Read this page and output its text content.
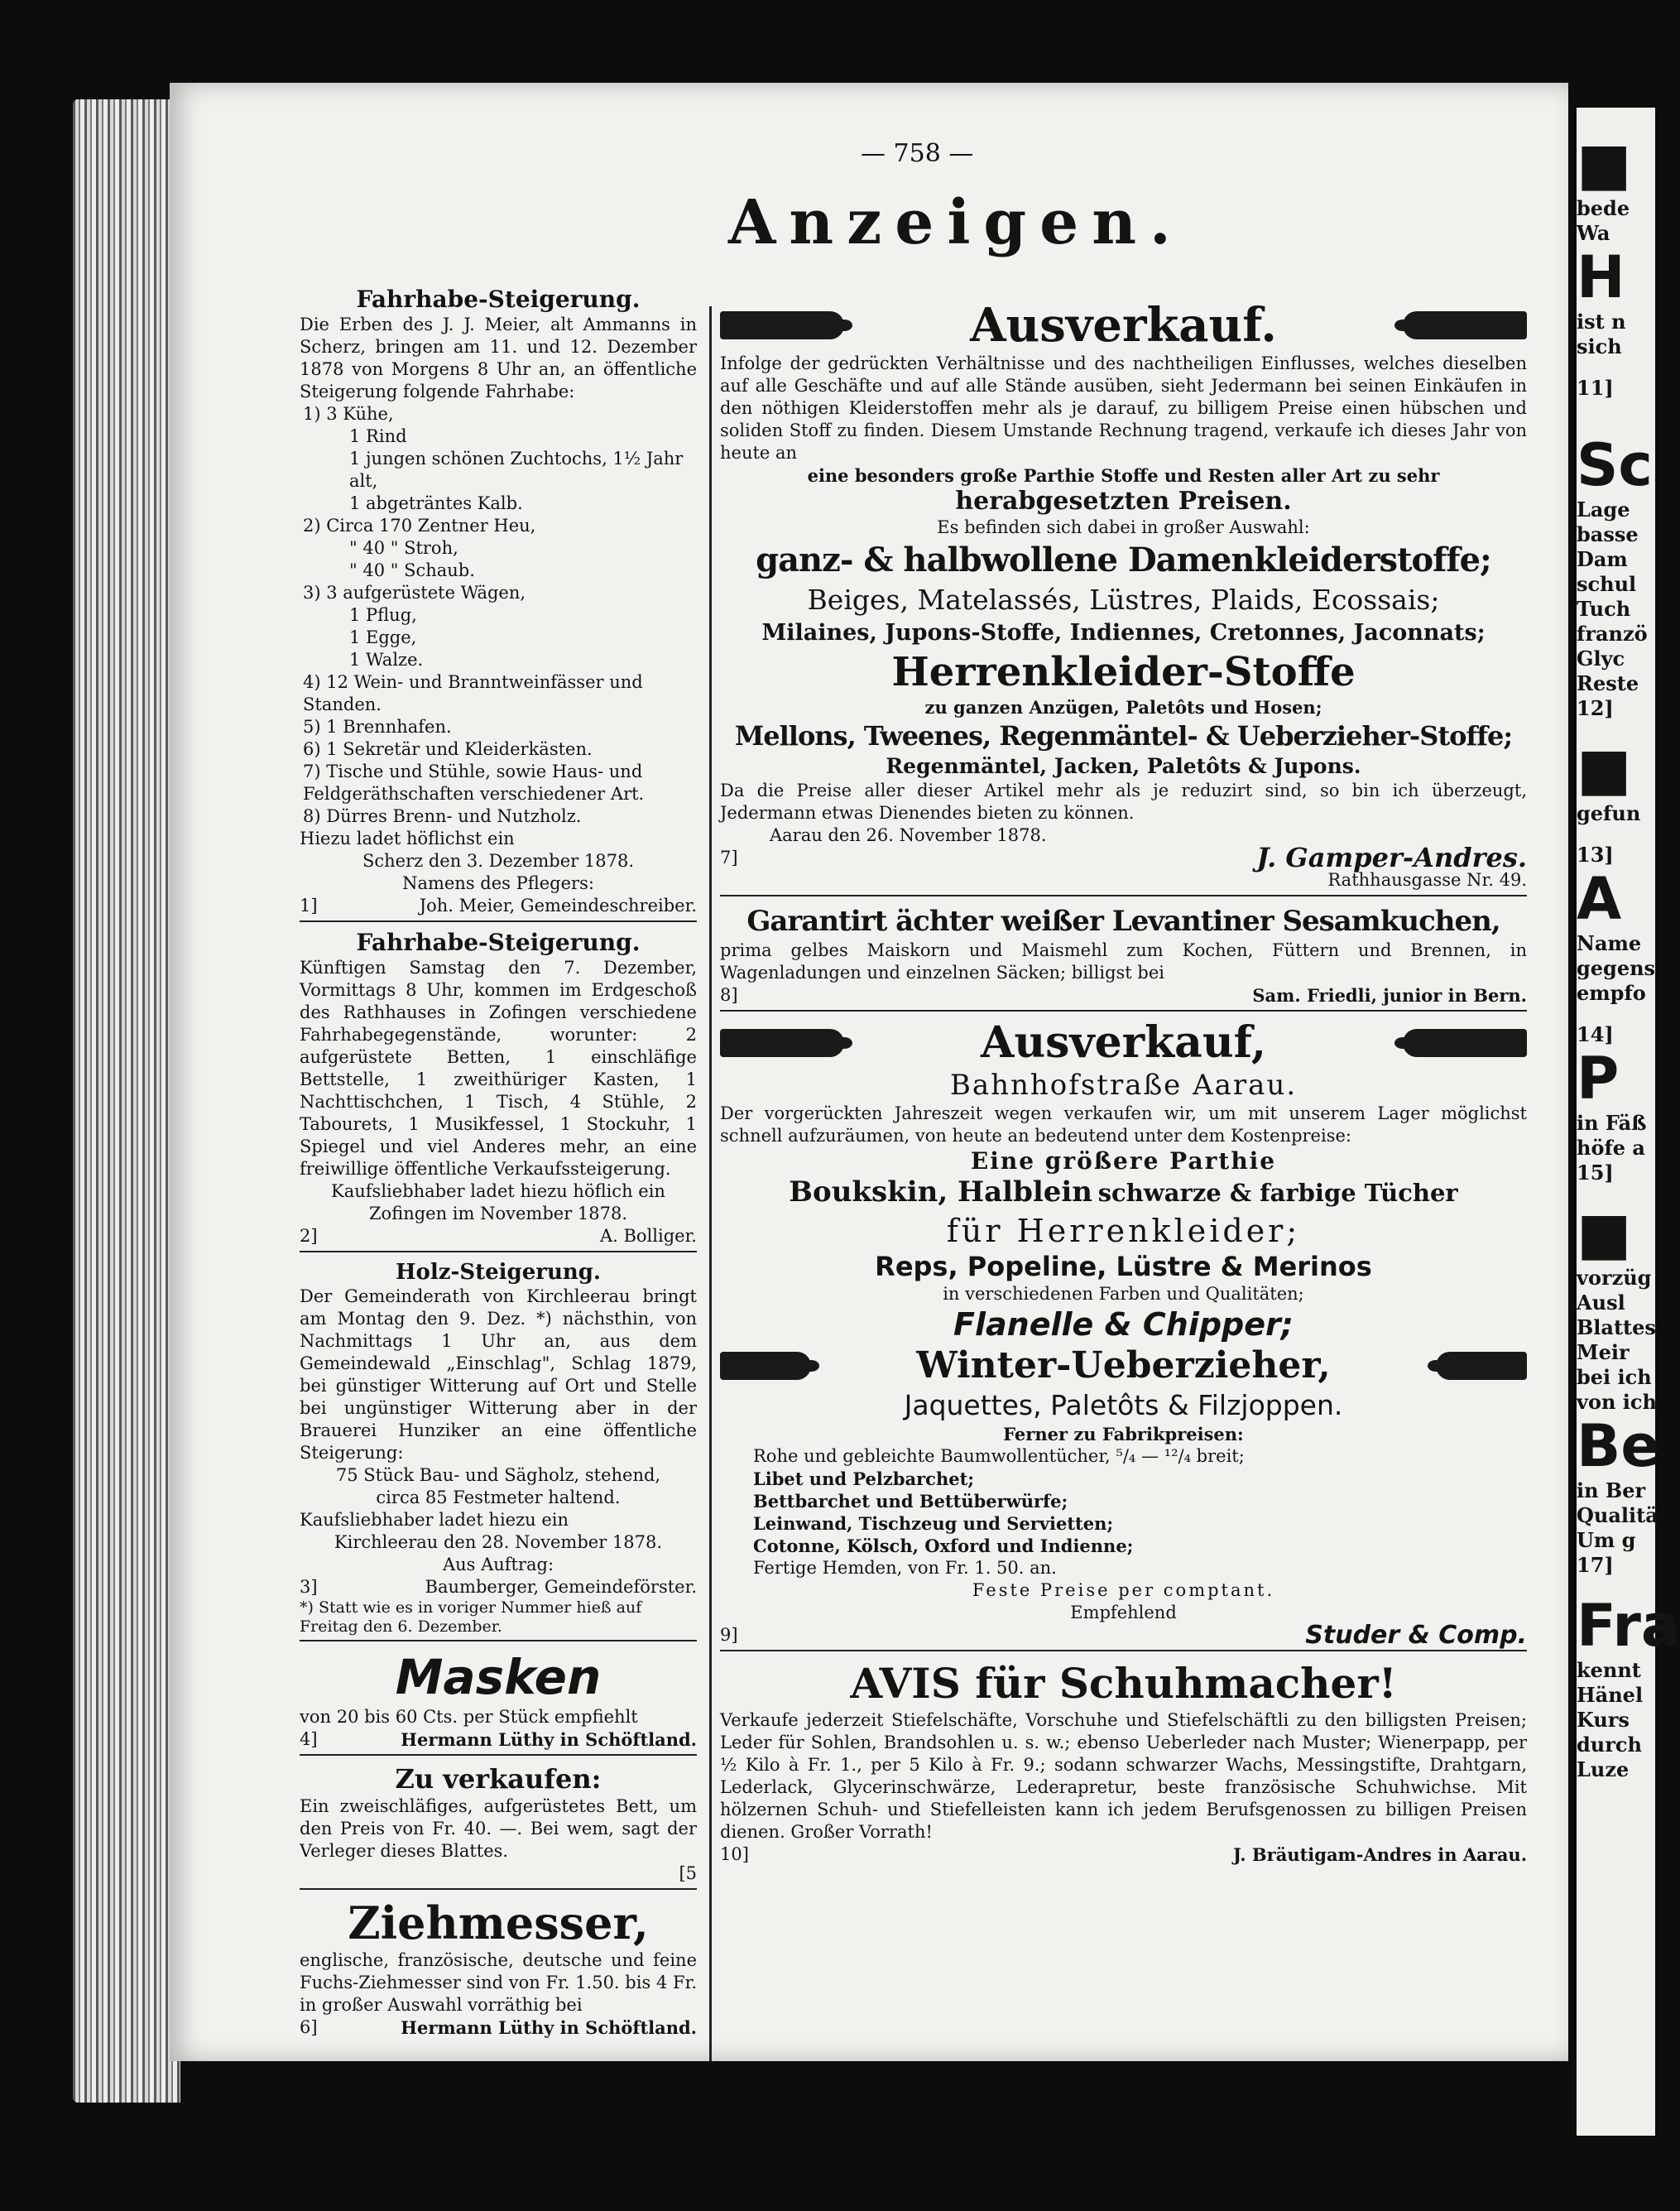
— 758 —
Anzeigen.
Fahrhabe-Steigerung.
Die Erben des J. J. Meier, alt Ammanns in Scherz, bringen am 11. und 12. Dezember 1878 von Morgens 8 Uhr an, an öffentliche Steigerung folgende Fahrhabe:
1) 3 Kühe,
1 Rind
1 jungen schönen Zuchtochs, 1½ Jahr alt,
1 abgeträntes Kalb.
2) Circa 170 Zentner Heu,
" 40 " Stroh,
" 40 " Schaub.
3) 3 aufgerüstete Wägen,
1 Pflug,
1 Egge,
1 Walze.
4) 12 Wein- und Branntweinfässer und Standen.
5) 1 Brennhafen.
6) 1 Sekretär und Kleiderkästen.
7) Tische und Stühle, sowie Haus- und Feldgeräthschaften verschiedener Art.
8) Dürres Brenn- und Nutzholz.
Hiezu ladet höflichst ein
Scherz den 3. Dezember 1878.
Namens des Pflegers:
1]	Joh. Meier, Gemeindeschreiber.
Fahrhabe-Steigerung.
Künftigen Samstag den 7. Dezember, Vormittags 8 Uhr, kommen im Erdgeschoß des Rathhauses in Zofingen verschiedene Fahrhabegegenstände, worunter: 2 aufgerüstete Betten, 1 einschläfige Bettstelle, 1 zweithüriger Kasten, 1 Nachttischchen, 1 Tisch, 4 Stühle, 2 Tabourets, 1 Musikfessel, 1 Stockuhr, 1 Spiegel und viel Anderes mehr, an eine freiwillige öffentliche Verkaufssteigerung.
Kaufsliebhaber ladet hiezu höflich ein Zofingen im November 1878.
2]	A. Bolliger.
Holz-Steigerung.
Der Gemeinderath von Kirchleerau bringt am Montag den 9. Dez. *) nächsthin, von Nachmittags 1 Uhr an, aus dem Gemeindewald „Einschlag", Schlag 1879, bei günstiger Witterung auf Ort und Stelle bei ungünstiger Witterung aber in der Brauerei Hunziker an eine öffentliche Steigerung:
75 Stück Bau- und Sägholz, stehend,
circa 85 Festmeter haltend.
Kaufsliebhaber ladet hiezu ein
Kirchleerau den 28. November 1878.
Aus Auftrag:
3]	Baumberger, Gemeindeförster.
*) Statt wie es in voriger Nummer hieß auf Freitag den 6. Dezember.
Masken
von 20 bis 60 Cts. per Stück empfiehlt
4]	Hermann Lüthy in Schöftland.
Zu verkaufen:
Ein zweischläfiges, aufgerüstetes Bett, um den Preis von Fr. 40. —. Bei wem, sagt der Verleger dieses Blattes.
[5
Ziehmesser,
englische, französische, deutsche und feine Fuchs-Ziehmesser sind von Fr. 1.50. bis 4 Fr. in großer Auswahl vorräthig bei
6]	Hermann Lüthy in Schöftland.
Ausverkauf.
Infolge der gedrückten Verhältnisse und des nachtheiligen Einflusses, welches dieselben auf alle Geschäfte und auf alle Stände ausüben, sieht Jedermann bei seinen Einkäufen in den nöthigen Kleiderstoffen mehr als je darauf, zu billigem Preise einen hübschen und soliden Stoff zu finden. Diesem Umstande Rechnung tragend, verkaufe ich dieses Jahr von heute an
eine besonders große Parthie Stoffe und Resten aller Art zu sehr
herabgesetzten Preisen.
Es befinden sich dabei in großer Auswahl:
ganz- & halbwollene Damenkleiderstoffe;
Beiges, Matelassés, Lüstres, Plaids, Ecossais;
Milaines, Jupons-Stoffe, Indiennes, Cretonnes, Jaconnats;
Herrenkleider-Stoffe
zu ganzen Anzügen, Paletôts und Hosen;
Mellons, Tweenes, Regenmäntel- & Ueberzieher-Stoffe;
Regenmäntel, Jacken, Paletôts & Jupons.
Da die Preise aller dieser Artikel mehr als je reduzirt sind, so bin ich überzeugt, Jedermann etwas Dienendes bieten zu können.
Aarau den 26. November 1878.
7]	J. Gamper-Andres.
Rathhausgasse Nr. 49.
Garantirt ächter weißer Levantiner Sesamkuchen,
prima gelbes Maiskorn und Maismehl zum Kochen, Füttern und Brennen, in Wagenladungen und einzelnen Säcken; billigst bei
8]	Sam. Friedli, junior in Bern.
Ausverkauf,
Bahnhofstraße Aarau.
Der vorgerückten Jahreszeit wegen verkaufen wir, um mit unserem Lager möglichst schnell aufzuräumen, von heute an bedeutend unter dem Kostenpreise:
Eine größere Parthie
Boukskin, Halblein schwarze & farbige Tücher
für Herrenkleider;
Reps, Popeline, Lüstre & Merinos
in verschiedenen Farben und Qualitäten;
Flanelle & Chipper;
Winter-Ueberzieher,
Jaquettes, Paletôts & Filzjoppen.
Ferner zu Fabrikpreisen:
Rohe und gebleichte Baumwollentücher, ⁵/₄ — ¹²/₄ breit;
Libet und Pelzbarchet;
Bettbarchet und Bettüberwürfe;
Leinwand, Tischzeug und Servietten;
Cotonne, Kölsch, Oxford und Indienne;
Fertige Hemden, von Fr. 1. 50. an.
Feste Preise per comptant.
Empfehlend
9]	Studer & Comp.
AVIS für Schuhmacher!
Verkaufe jederzeit Stiefelschäfte, Vorschuhe und Stiefelschäftli zu den billigsten Preisen; Leder für Sohlen, Brandsohlen u. s. w.; ebenso Ueberleder nach Muster; Wienerpapp, per ½ Kilo à Fr. 1., per 5 Kilo à Fr. 9.; sodann schwarzer Wachs, Messingstifte, Drahtgarn, Lederlack, Glycerinschwärze, Lederapretur, beste französische Schuhwichse. Mit hölzernen Schuh- und Stiefelleisten kann ich jedem Berufsgenossen zu billigen Preisen dienen. Großer Vorrath!
10]	J. Bräutigam-Andres in Aarau.
■
bede
Wa
H
ist n
sich
11]
Sc
Lage
basse
Dam
schul
Tuch
franzö
Glyc
Reste
12]
■
gefun
13]
A
Name
gegens
empfo
14]
P
in Fäß
höfe a
15]
■
vorzüg
Ausl
Blattes
Meir
bei ich
von ich
Be
in Ber
Qualitä
Um g
17]
Fra
kennt
Hänel
Kurs
durch
Luze
